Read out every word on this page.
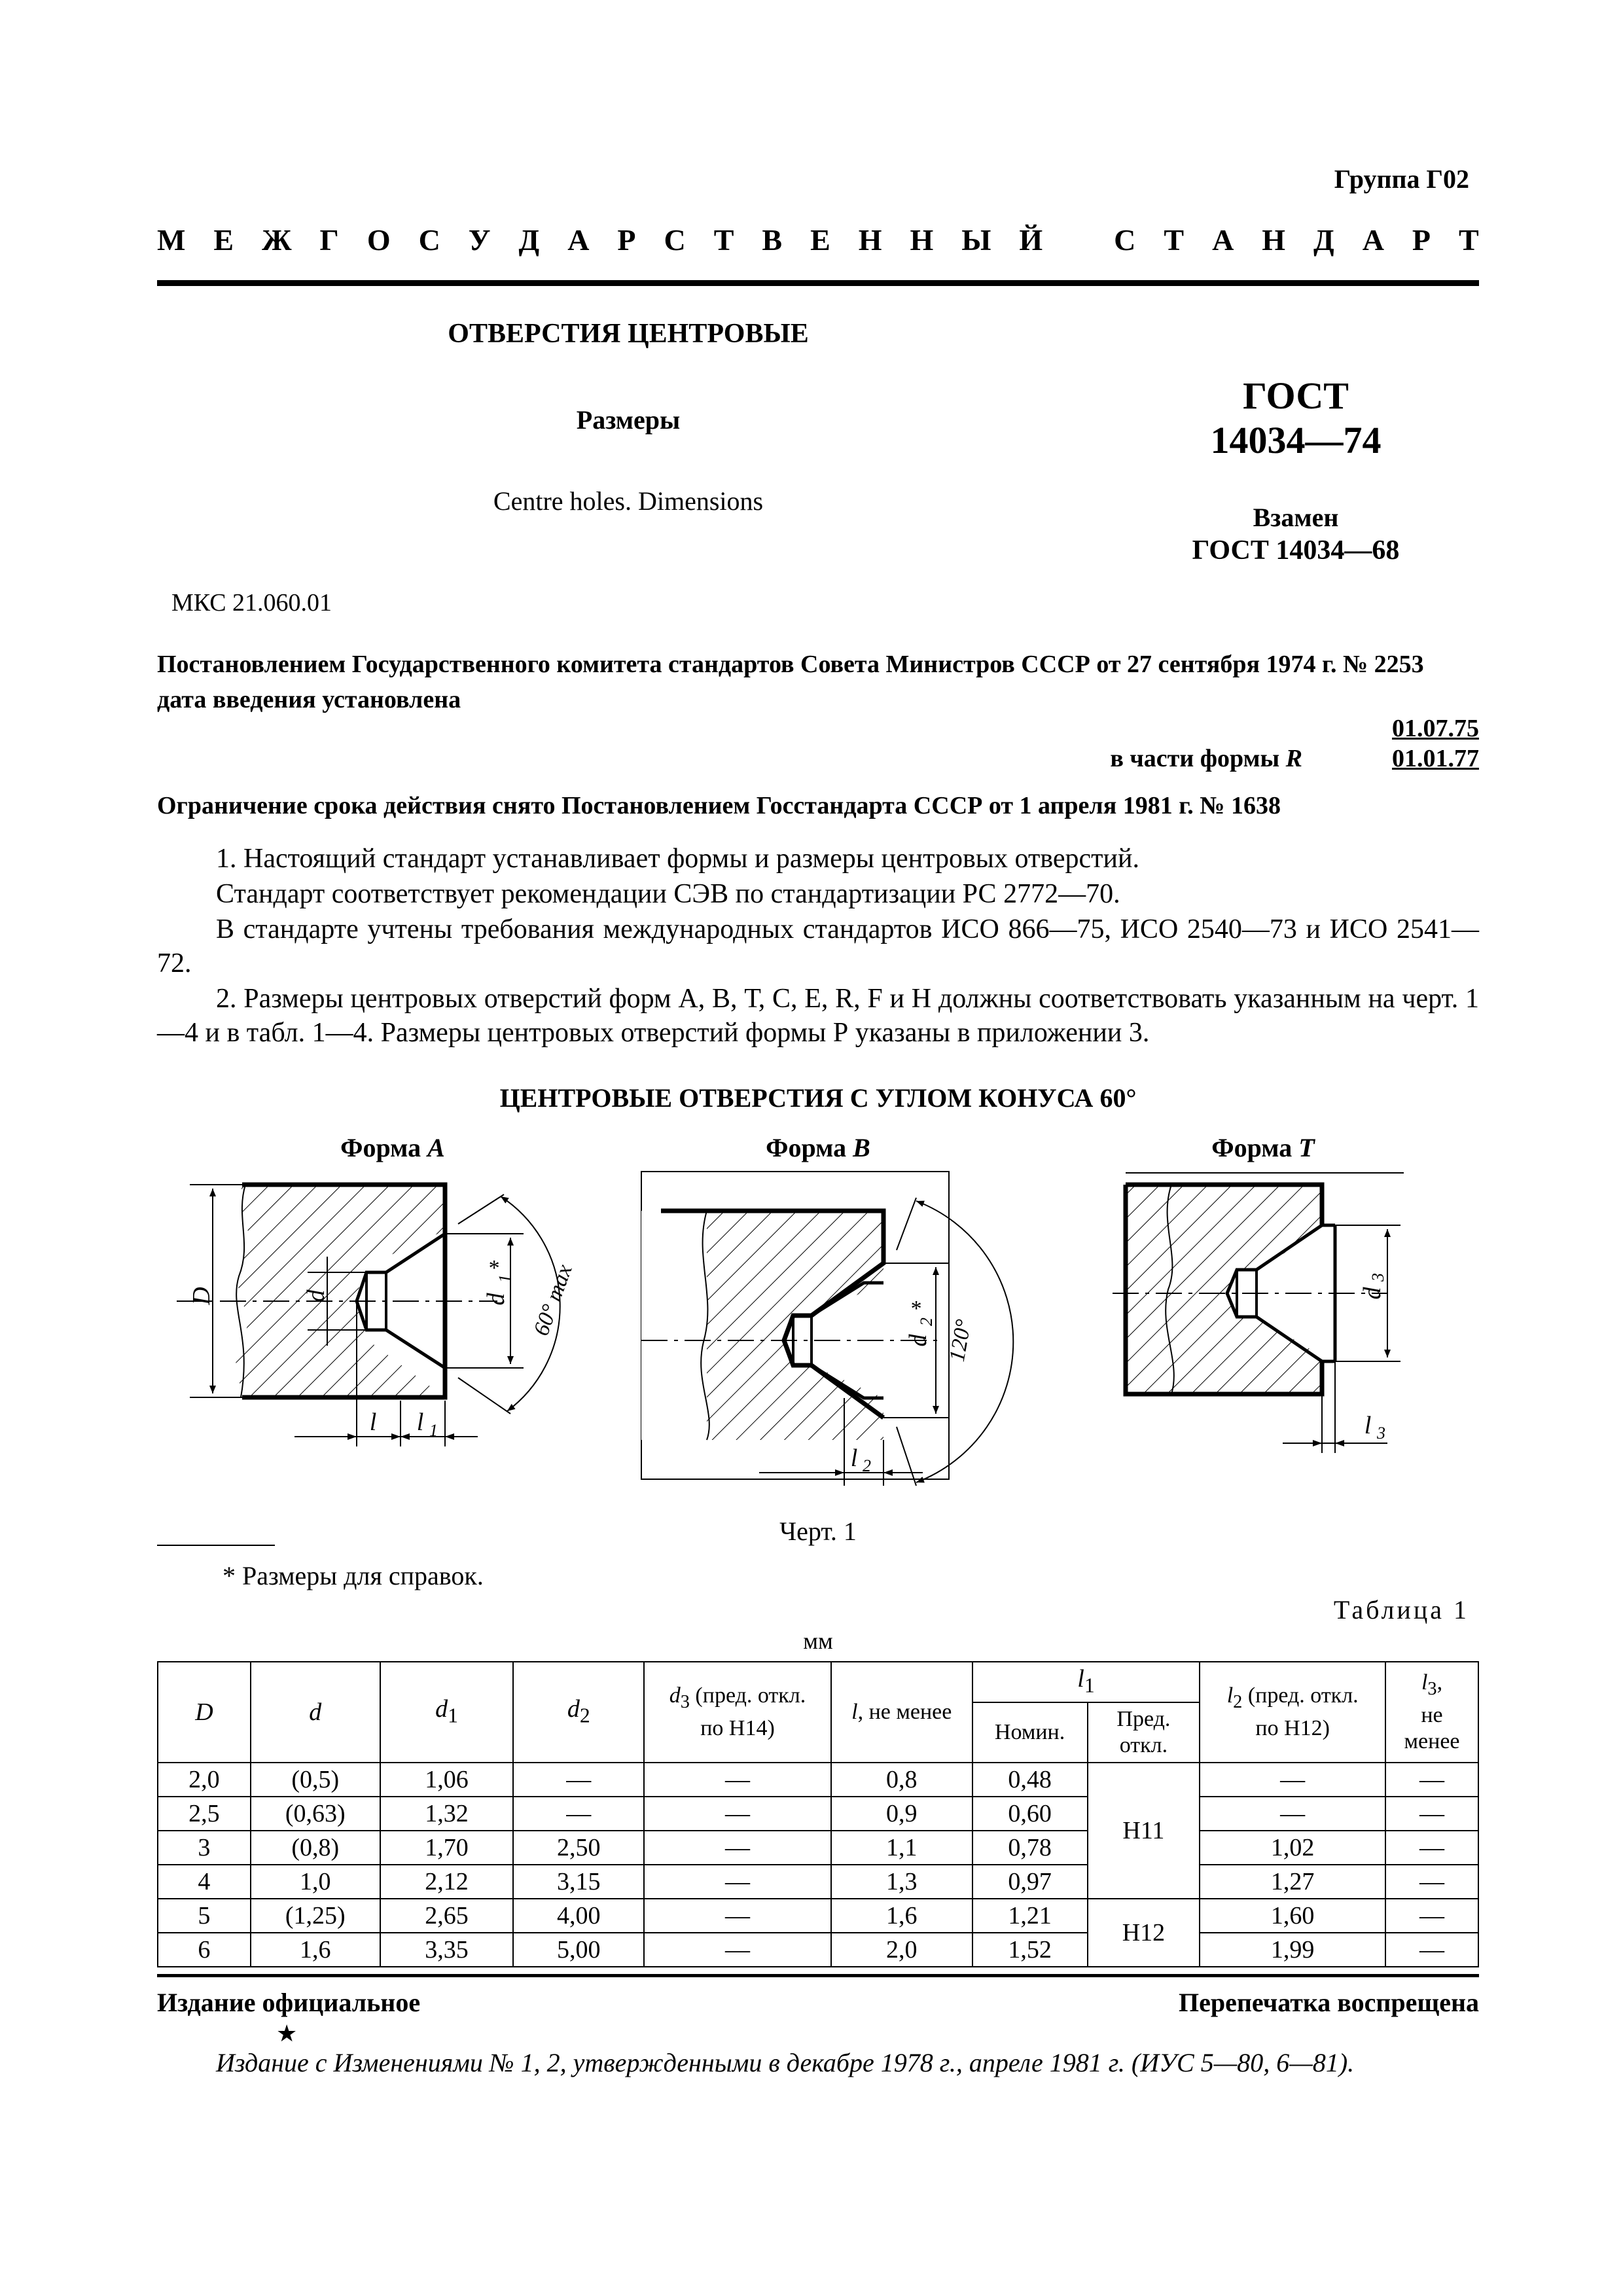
Группа Г02
М Е Ж Г О С У Д А Р С Т В Е Н Н Ы Й
С Т А Н Д А Р Т
ОТВЕРСТИЯ ЦЕНТРОВЫЕ
Размеры
Centre holes. Dimensions
ГОСТ
14034—74
Взамен
ГОСТ 14034—68
МКС 21.060.01
Постановлением Государственного комитета стандартов Совета Министров СССР от 27 сентября 1974 г. № 2253 дата введения установлена
01.07.75
в части формы R	01.01.77
Ограничение срока действия снято Постановлением Госстандарта СССР от 1 апреля 1981 г. № 1638
1. Настоящий стандарт устанавливает формы и размеры центровых отверстий.
Стандарт соответствует рекомендации СЭВ по стандартизации РС 2772—70.
В стандарте учтены требования международных стандартов ИСО 866—75, ИСО 2540—73 и ИСО 2541—72.
2. Размеры центровых отверстий форм А, В, Т, С, Е, R, F и Н должны соответствовать указанным на черт. 1—4 и в табл. 1—4. Размеры центровых отверстий формы Р указаны в приложении 3.
ЦЕНТРОВЫЕ ОТВЕРСТИЯ С УГЛОМ КОНУСА 60°
Форма A	Форма B	Форма T
D	d	d
1
* 60° max
l l 1
d
2
*
120°
l 2
d
3
l 3
Черт. 1
* Размеры для справок.
Таблица 1
мм
D	d	$d_1$	$d_2$	$d_3$ (пред. откл.
по H14)	l, не менее	$l_1$		$l_2$ (пред. откл.
по H12)	$l_3$,
не
менее
						Номин.	Пред.
откл.		
2,0	(0,5)	1,06	—	—	0,8	0,48	H11	—	—
2,5	(0,63)	1,32	—	—	0,9	0,60		—	—
3	(0,8)	1,70	2,50	—	1,1	0,78		1,02	—
4	1,0	2,12	3,15	—	1,3	0,97		1,27	—
5	(1,25)	2,65	4,00	—	1,6	1,21	H12	1,60	—
6	1,6	3,35	5,00	—	2,0	1,52		1,99	—
Издание официальное	Перепечатка воспрещена
★
Издание с Изменениями № 1, 2, утвержденными в декабре 1978 г., апреле 1981 г. (ИУС 5—80, 6—81).
